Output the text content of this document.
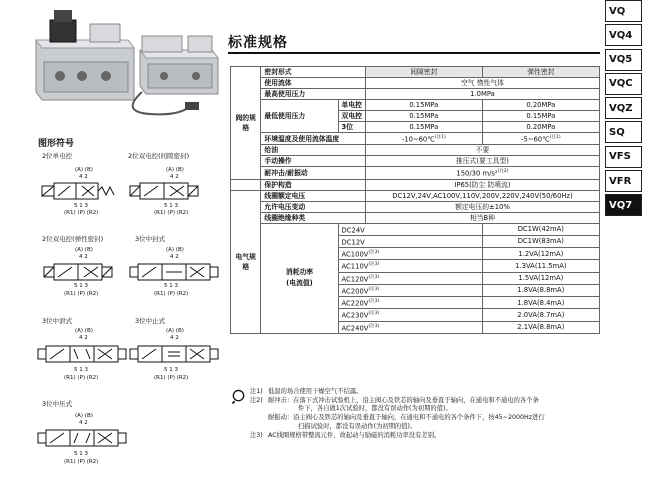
图形符号
2位单电控
(A) (B)
4 2
5 1 3
(R1) (P) (R2)
2位双电控(间隙密封)
(A) (B)
4 2
5 1 3
(R1) (P) (R2)
2位双电控(弹性密封)
(A) (B)
4 2
5 1 3
(R1) (P) (R2)
3位中封式
(A) (B)
4 2
5 1 3
(R1) (P) (R2)
3位中泄式
(A) (B)
4 2
5 1 3
(R1) (P) (R2)
3位中止式
(A) (B)
4 2
5 1 3
(R1) (P) (R2)
3位中压式
(A) (B)
4 2
5 1 3
(R1) (P) (R2)
标准规格
阀的规格	密封形式		间隙密封	弹性密封
	使用流体		空气 惰性气体	
	最高使用压力		1.0MPa	
	最低使用压力	单电控	0.15MPa	0.20MPa
		双电控	0.15MPa	0.15MPa
		3位	0.15MPa	0.20MPa
	环境温度及使用流体温度		-10~60℃$^{(注1)}$	-5~60℃$^{(注1)}$
	给油		不要	
	手动操作		推压式(要工具型)	
	耐冲击/耐振动		150/30 m/s²$^{(注2)}$
	保护构造		IP65(防尘 防喷流)	
电气规格	线圈额定电压		DC12V,24V,AC100V,110V,200V,220V,240V(50/60Hz)	
	允许电压变动		额定电压的±10%	
	线圈绝缘种类		相当B种	
	消耗功率
(电流值)	DC24V		DC1W(42mA)
		DC12V		DC1W(83mA)
		$AC100V^{(注3)}$		1.2VA(12mA)
		$AC110V^{(注3)}$		1.3VA(11.5mA)
		$AC120V^{(注3)}$		1.5VA(12mA)
		$AC200V^{(注3)}$		1.8VA(8.8mA)
		$AC220V^{(注3)}$		1.8VA(8.4mA)
		$AC230V^{(注3)}$		2.0VA(8.7mA)
		$AC240V^{(注3)}$		2.1VA(8.8mA)
注1) 低温的场合使用干燥空气不结露。
注2) 耐冲击：在落下式冲击试验机上，沿主阀心及铁芯的轴向及垂直于轴向，在通电和不通电的各个条
件下，各自做1次试验时，都没有误动作(为初期的值)。
耐振动：沿主阀心及铁芯的轴向及垂直于轴向，在通电和不通电的各个条件下，按45~2000Hz进行
扫描试验时，都没有误动作(为初期的值)。
注3) AC线圈规格带整流元件，故起动与励磁的消耗功率没有差别。
VQ
VQ4
VQ5
VQC
VQZ
SQ
VFS
VFR
VQ7
